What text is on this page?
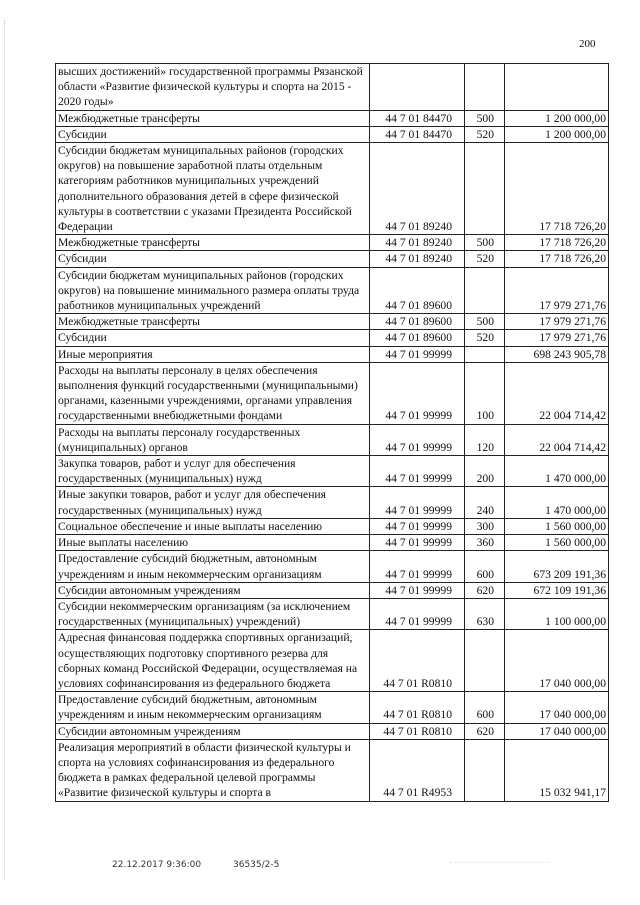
200
высших достижений» государственной программы Рязанской области «Развитие физической культуры и спорта на 2015 - 2020 годы»			
Межбюджетные трансферты	44 7 01 84470	500	1 200 000,00
Субсидии	44 7 01 84470	520	1 200 000,00
Субсидии бюджетам муниципальных районов (городских округов) на повышение заработной платы отдельным категориям работников муниципальных учреждений дополнительного образования детей в сфере физической культуры в соответствии с указами Президента Российской Федерации	44 7 01 89240		17 718 726,20
Межбюджетные трансферты	44 7 01 89240	500	17 718 726,20
Субсидии	44 7 01 89240	520	17 718 726,20
Субсидии бюджетам муниципальных районов (городских округов) на повышение минимального размера оплаты труда работников муниципальных учреждений	44 7 01 89600		17 979 271,76
Межбюджетные трансферты	44 7 01 89600	500	17 979 271,76
Субсидии	44 7 01 89600	520	17 979 271,76
Иные мероприятия	44 7 01 99999		698 243 905,78
Расходы на выплаты персоналу в целях обеспечения выполнения функций государственными (муниципальными) органами, казенными учреждениями, органами управления государственными внебюджетными фондами	44 7 01 99999	100	22 004 714,42
Расходы на выплаты персоналу государственных (муниципальных) органов	44 7 01 99999	120	22 004 714,42
Закупка товаров, работ и услуг для обеспечения государственных (муниципальных) нужд	44 7 01 99999	200	1 470 000,00
Иные закупки товаров, работ и услуг для обеспечения государственных (муниципальных) нужд	44 7 01 99999	240	1 470 000,00
Социальное обеспечение и иные выплаты населению	44 7 01 99999	300	1 560 000,00
Иные выплаты населению	44 7 01 99999	360	1 560 000,00
Предоставление субсидий бюджетным, автономным учреждениям и иным некоммерческим организациям	44 7 01 99999	600	673 209 191,36
Субсидии автономным учреждениям	44 7 01 99999	620	672 109 191,36
Субсидии некоммерческим организациям (за исключением государственных (муниципальных) учреждений)	44 7 01 99999	630	1 100 000,00
Адресная финансовая поддержка спортивных организаций, осуществляющих подготовку спортивного резерва для сборных команд Российской Федерации, осуществляемая на условиях софинансирования из федерального бюджета	44 7 01 R0810		17 040 000,00
Предоставление субсидий бюджетным, автономным учреждениям и иным некоммерческим организациям	44 7 01 R0810	600	17 040 000,00
Субсидии автономным учреждениям	44 7 01 R0810	620	17 040 000,00
Реализация мероприятий в области физической культуры и спорта на условиях софинансирования из федерального бюджета в рамках федеральной целевой программы «Развитие физической культуры и спорта в	44 7 01 R4953		15 032 941,17
22.12.2017 9:36:00	36535/2-5
